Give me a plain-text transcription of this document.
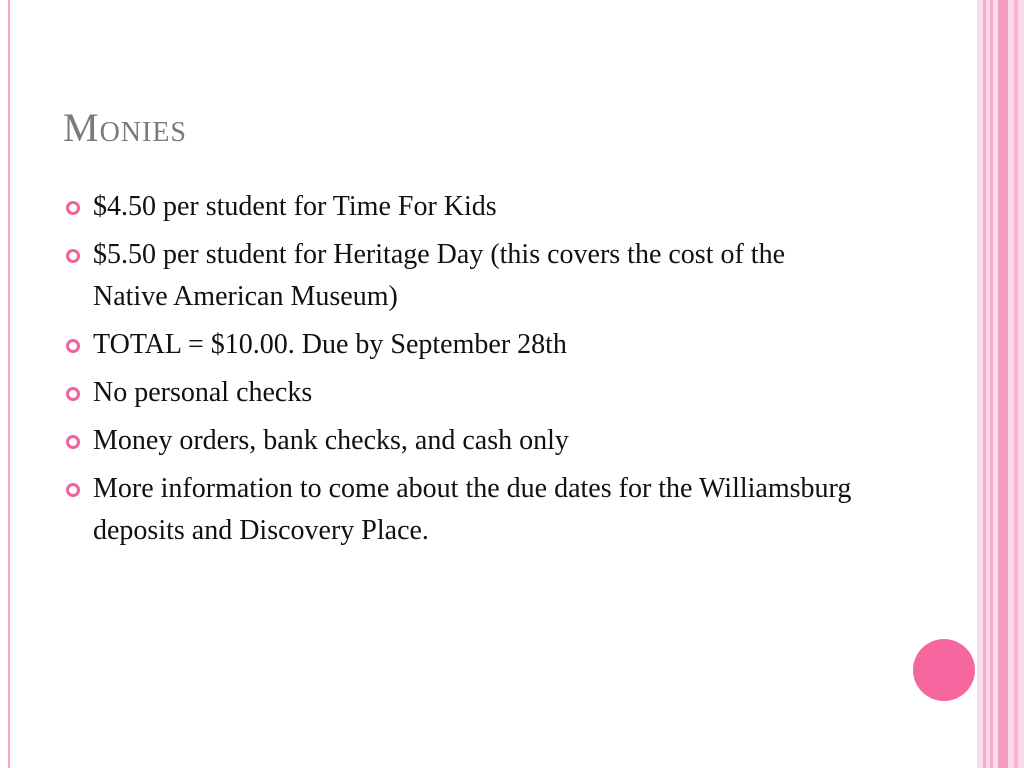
Monies
$4.50 per student for Time For Kids
$5.50 per student for Heritage Day (this covers the cost of the Native American Museum)
TOTAL = $10.00. Due by September 28th
No personal checks
Money orders, bank checks, and cash only
More information to come about the due dates for the Williamsburg deposits and Discovery Place.
